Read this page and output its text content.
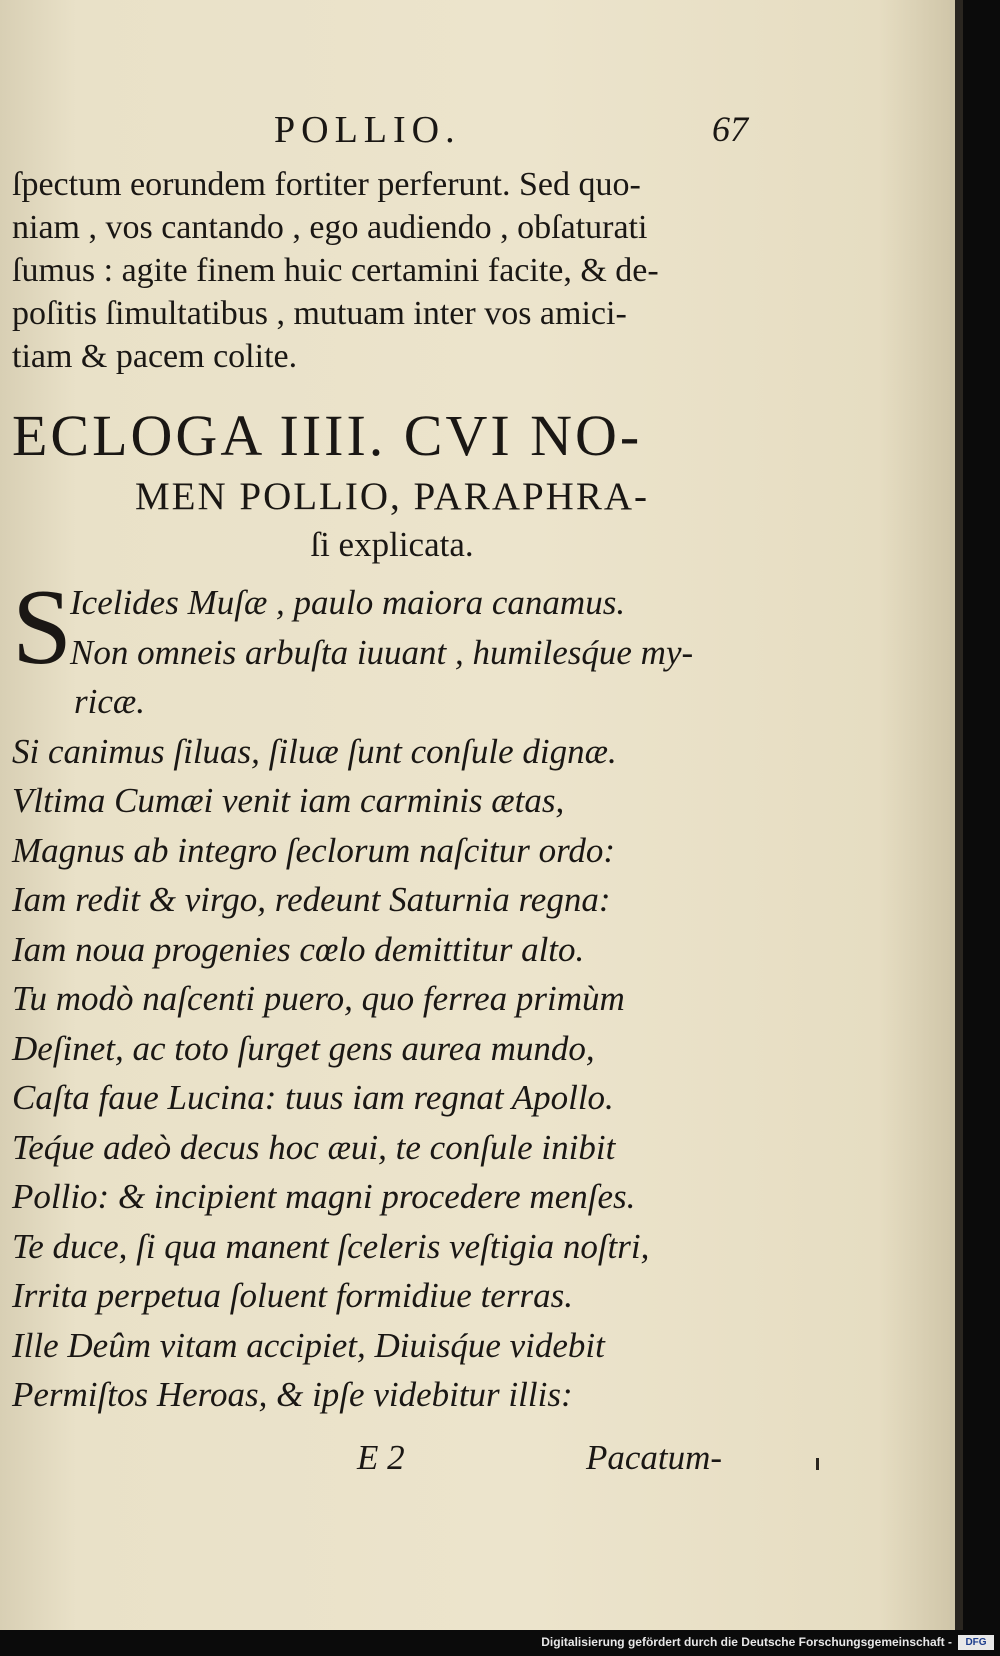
POLLIO.	67
ſpectum eorundem fortiter perferunt. Sed quo-
niam , vos cantando , ego audiendo , obſaturati
ſumus : agite finem huic certamini facite, & de-
poſitis ſimultatibus , mutuam inter vos amici-
tiam & pacem colite.
ECLOGA IIII. CVI NO-
MEN POLLIO, PARAPHRA-
ſi explicata.
S
Icelides Muſæ , paulo maiora canamus.
Non omneis arbuſta iuuant , humilesq́ue my-
ricæ.
Si canimus ſiluas, ſiluæ ſunt conſule dignæ.
Vltima Cumæi venit iam carminis ætas,
Magnus ab integro ſeclorum naſcitur ordo:
Iam redit & virgo, redeunt Saturnia regna:
Iam noua progenies cœlo demittitur alto.
Tu modò naſcenti puero, quo ferrea primùm
Deſinet, ac toto ſurget gens aurea mundo,
Caſta faue Lucina: tuus iam regnat Apollo.
Teq́ue adeò decus hoc æui, te conſule inibit
Pollio: & incipient magni procedere menſes.
Te duce, ſi qua manent ſceleris veſtigia noſtri,
Irrita perpetua ſoluent formidiue terras.
Ille Deûm vitam accipiet, Diuisq́ue videbit
Permiſtos Heroas, & ipſe videbitur illis:
E 2	Pacatum-
Digitalisierung gefördert durch die Deutsche Forschungsgemeinschaft -	DFG
